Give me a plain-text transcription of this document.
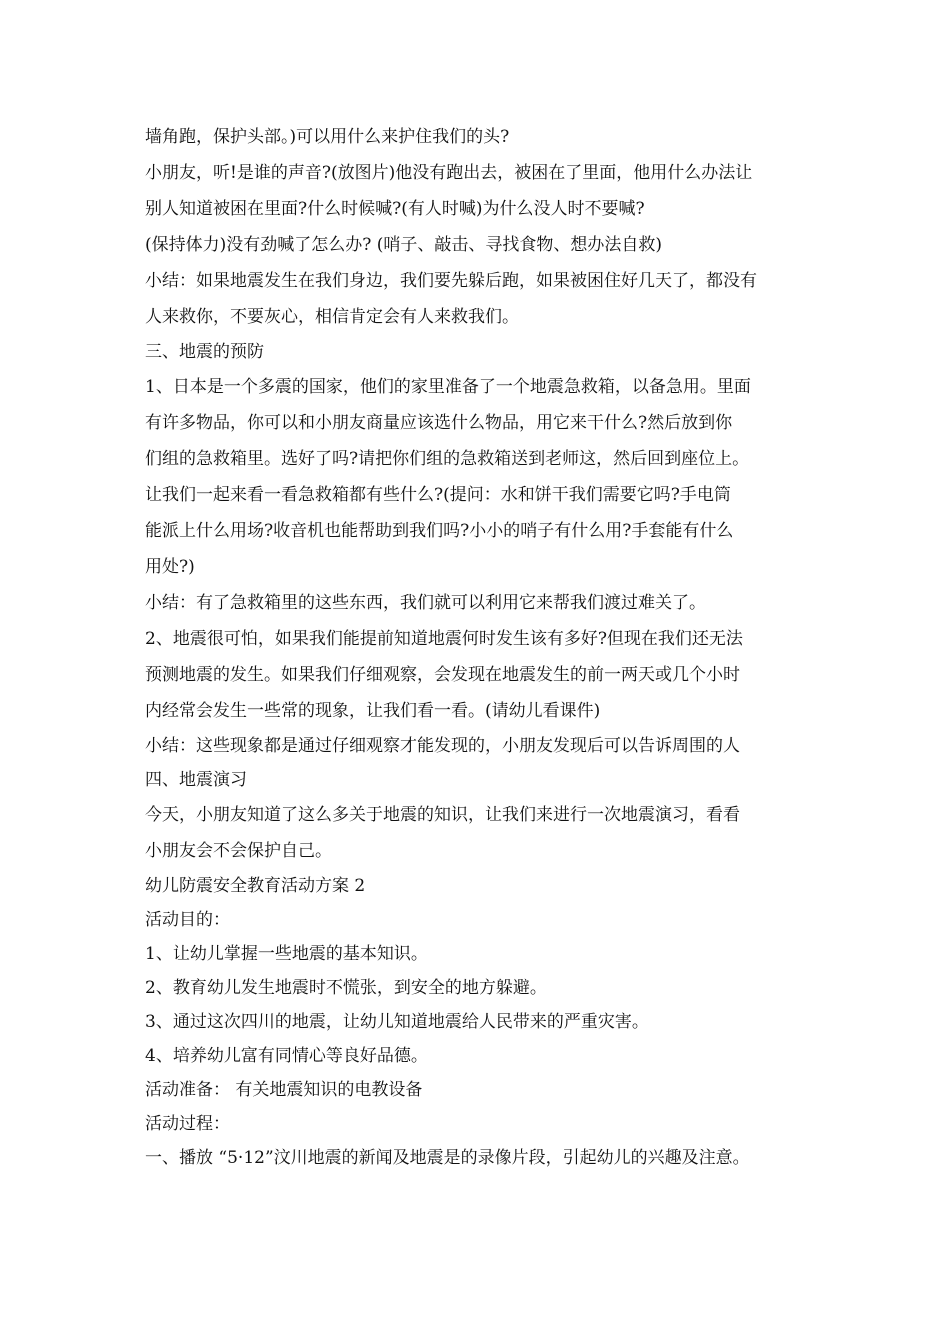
墙角跑，保护头部。)可以用什么来护住我们的头?
小朋友，听!是谁的声音?(放图片)他没有跑出去，被困在了里面，他用什么办法让
别人知道被困在里面?什么时候喊?(有人时喊)为什么没人时不要喊?
(保持体力)没有劲喊了怎么办? (哨子、敲击、寻找食物、想办法自救)
小结：如果地震发生在我们身边，我们要先躲后跑，如果被困住好几天了，都没有
人来救你，不要灰心，相信肯定会有人来救我们。
三、地震的预防
1、日本是一个多震的国家，他们的家里准备了一个地震急救箱，以备急用。里面
有许多物品，你可以和小朋友商量应该选什么物品，用它来干什么?然后放到你
们组的急救箱里。选好了吗?请把你们组的急救箱送到老师这，然后回到座位上。
让我们一起来看一看急救箱都有些什么?(提问：水和饼干我们需要它吗?手电筒
能派上什么用场?收音机也能帮助到我们吗?小小的哨子有什么用?手套能有什么
用处?)
小结：有了急救箱里的这些东西，我们就可以利用它来帮我们渡过难关了。
2、地震很可怕，如果我们能提前知道地震何时发生该有多好?但现在我们还无法
预测地震的发生。如果我们仔细观察，会发现在地震发生的前一两天或几个小时
内经常会发生一些常的现象，让我们看一看。(请幼儿看课件)
小结：这些现象都是通过仔细观察才能发现的，小朋友发现后可以告诉周围的人
四、地震演习
今天，小朋友知道了这么多关于地震的知识，让我们来进行一次地震演习，看看
小朋友会不会保护自己。
幼儿防震安全教育活动方案 2
活动目的：
1、让幼儿掌握一些地震的基本知识。
2、教育幼儿发生地震时不慌张，到安全的地方躲避。
3、通过这次四川的地震，让幼儿知道地震给人民带来的严重灾害。
4、培养幼儿富有同情心等良好品德。
活动准备： 有关地震知识的电教设备
活动过程：
一、播放 “5·12”汶川地震的新闻及地震是的录像片段，引起幼儿的兴趣及注意。
